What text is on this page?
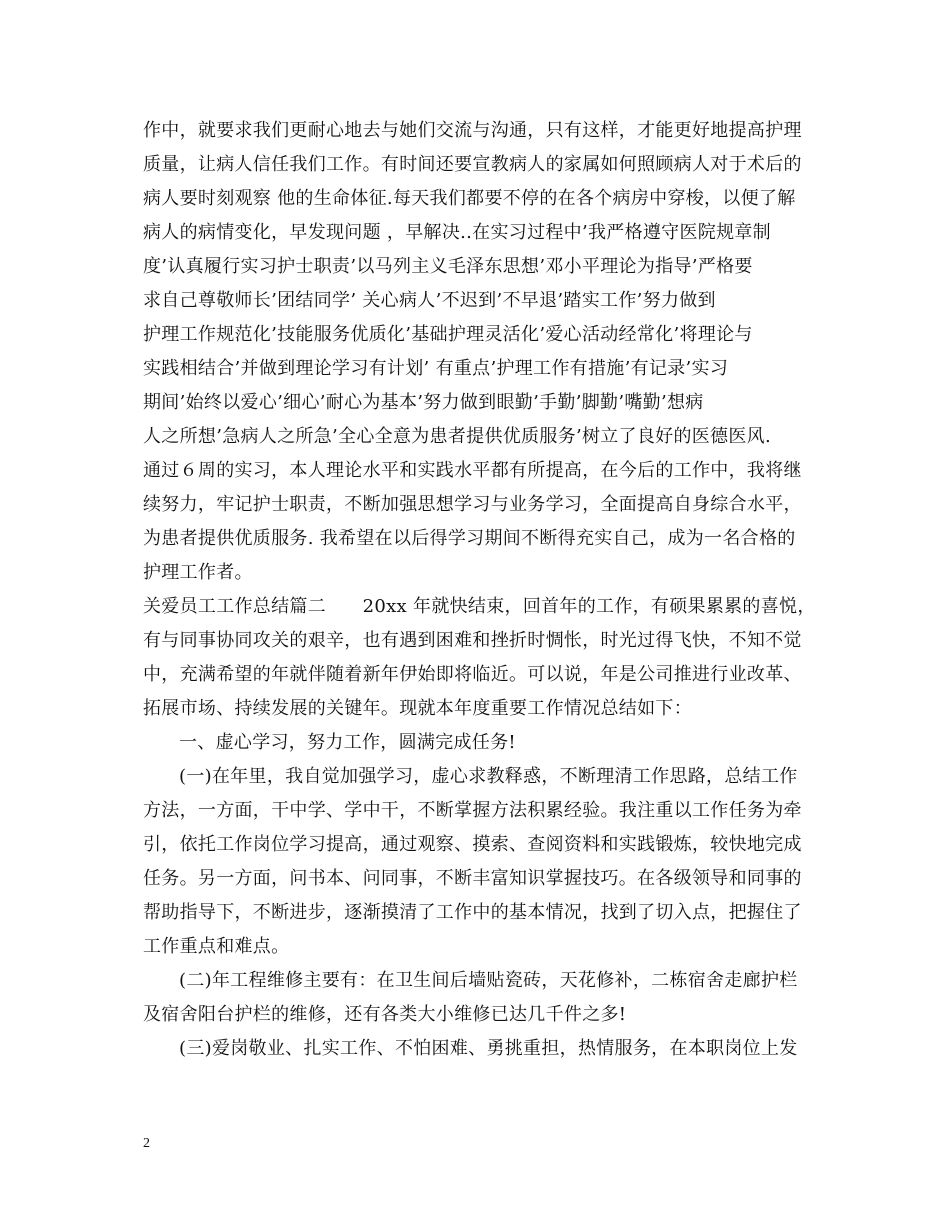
作中，就要求我们更耐心地去与她们交流与沟通，只有这样，才能更好地提高护理
质量，让病人信任我们工作。有时间还要宣教病人的家属如何照顾病人对于术后的
病人要时刻观察 他的生命体征.每天我们都要不停的在各个病房中穿梭，以便了解
病人的病情变化，早发现问题 ，早解决..在实习过程中’我严格遵守医院规章制
度’认真履行实习护士职责’以马列主义毛泽东思想’邓小平理论为指导’严格要
求自己尊敬师长’团结同学’ 关心病人’不迟到’不早退’踏实工作’努力做到
护理工作规范化’技能服务优质化’基础护理灵活化’爱心活动经常化’将理论与
实践相结合’并做到理论学习有计划’ 有重点’护理工作有措施’有记录’实习
期间’始终以爱心’细心’耐心为基本’努力做到眼勤’手勤’脚勤’嘴勤’想病
人之所想’急病人之所急’全心全意为患者提供优质服务’树立了良好的医德医风.
通过６周的实习，本人理论水平和实践水平都有所提高，在今后的工作中，我将继
续努力，牢记护士职责，不断加强思想学习与业务学习，全面提高自身综合水平，
为患者提供优质服务. 我希望在以后得学习期间不断得充实自己，成为一名合格的
护理工作者。
关爱员工工作总结篇二　　20xx 年就快结束，回首年的工作，有硕果累累的喜悦，
有与同事协同攻关的艰辛，也有遇到困难和挫折时惆怅，时光过得飞快，不知不觉
中，充满希望的年就伴随着新年伊始即将临近。可以说，年是公司推进行业改革、
拓展市场、持续发展的关键年。现就本年度重要工作情况总结如下：
一、虚心学习，努力工作，圆满完成任务!
(一)在年里，我自觉加强学习，虚心求教释惑，不断理清工作思路，总结工作
方法，一方面，干中学、学中干，不断掌握方法积累经验。我注重以工作任务为牵
引，依托工作岗位学习提高，通过观察、摸索、查阅资料和实践锻炼，较快地完成
任务。另一方面，问书本、问同事，不断丰富知识掌握技巧。在各级领导和同事的
帮助指导下，不断进步，逐渐摸清了工作中的基本情况，找到了切入点，把握住了
工作重点和难点。
(二)年工程维修主要有：在卫生间后墙贴瓷砖，天花修补，二栋宿舍走廊护栏
及宿舍阳台护栏的维修，还有各类大小维修已达几千件之多!
(三)爱岗敬业、扎实工作、不怕困难、勇挑重担，热情服务，在本职岗位上发
2
